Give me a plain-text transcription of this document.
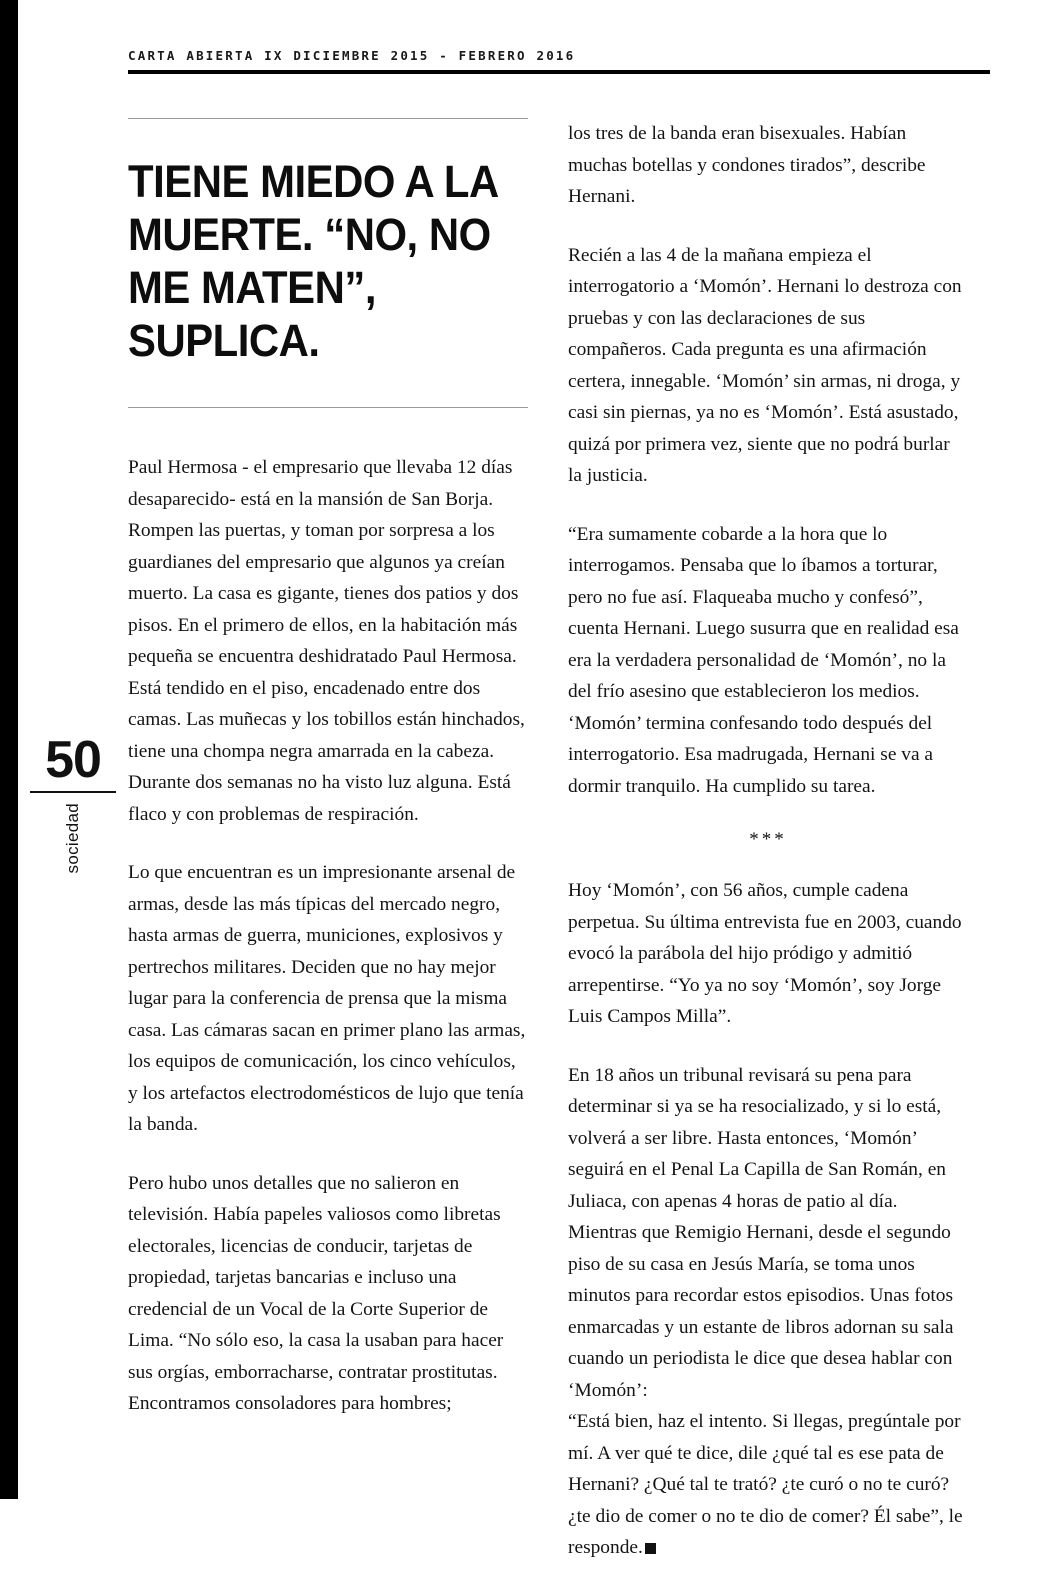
CARTA ABIERTA IX DICIEMBRE 2015 - FEBRERO 2016
50
sociedad
TIENE MIEDO A LA MUERTE. “NO, NO ME MATEN”, SUPLICA.

Paul Hermosa - el empresario que llevaba 12 días desaparecido- está en la mansión de San Borja.

Rompen las puertas, y toman por sorpresa a los guardianes del empresario que algunos ya creían muerto. La casa es gigante, tienes dos patios y dos pisos. En el primero de ellos, en la habitación más pequeña se encuentra deshidratado Paul Hermosa. Está tendido en el piso, encadenado entre dos camas. Las muñecas y los tobillos están hinchados, tiene una chompa negra amarrada en la cabeza. Durante dos semanas no ha visto luz alguna. Está flaco y con problemas de respiración.

Lo que encuentran es un impresionante arsenal de armas, desde las más típicas del mercado negro, hasta armas de guerra, municiones, explosivos y pertrechos militares. Deciden que no hay mejor lugar para la conferencia de prensa que la misma casa. Las cámaras sacan en primer plano las armas, los equipos de comunicación, los cinco vehículos, y los artefactos electrodomésticos de lujo que tenía la banda.

Pero hubo unos detalles que no salieron en televisión. Había papeles valiosos como libretas electorales, licencias de conducir, tarjetas de propiedad, tarjetas bancarias e incluso una credencial de un Vocal de la Corte Superior de Lima. “No sólo eso, la casa la usaban para hacer sus orgías, emborracharse, contratar prostitutas. Encontramos consoladores para hombres;

los tres de la banda eran bisexuales. Habían muchas botellas y condones tirados”, describe Hernani.

Recién a las 4 de la mañana empieza el interrogatorio a ‘Momón’. Hernani lo destroza con pruebas y con las declaraciones de sus compañeros. Cada pregunta es una afirmación certera, innegable. ‘Momón’ sin armas, ni droga, y casi sin piernas, ya no es ‘Momón’. Está asustado, quizá por primera vez, siente que no podrá burlar la justicia.

“Era sumamente cobarde a la hora que lo interrogamos. Pensaba que lo íbamos a torturar, pero no fue así. Flaqueaba mucho y confesó”, cuenta Hernani. Luego susurra que en realidad esa era la verdadera personalidad de ‘Momón’, no la del frío asesino que establecieron los medios. ‘Momón’ termina confesando todo después del interrogatorio. Esa madrugada, Hernani se va a dormir tranquilo. Ha cumplido su tarea.

***

Hoy ‘Momón’, con 56 años, cumple cadena perpetua. Su última entrevista fue en 2003, cuando evocó la parábola del hijo pródigo y admitió arrepentirse. “Yo ya no soy ‘Momón’, soy Jorge Luis Campos Milla”.

En 18 años un tribunal revisará su pena para determinar si ya se ha resocializado, y si lo está, volverá a ser libre. Hasta entonces, ‘Momón’ seguirá en el Penal La Capilla de San Román, en Juliaca, con apenas 4 horas de patio al día. Mientras que Remigio Hernani, desde el segundo piso de su casa en Jesús María, se toma unos minutos para recordar estos episodios. Unas fotos enmarcadas y un estante de libros adornan su sala cuando un periodista le dice que desea hablar con ‘Momón’:

“Está bien, haz el intento. Si llegas, pregúntale por mí. A ver qué te dice, dile ¿qué tal es ese pata de Hernani? ¿Qué tal te trató? ¿te curó o no te curó? ¿te dio de comer o no te dio de comer? Él sabe”, le responde.
